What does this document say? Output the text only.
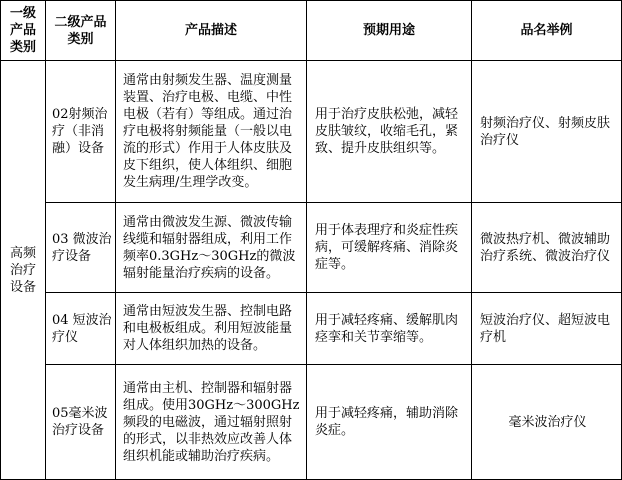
一级产品类别	二级产品类别	产品描述	预期用途	品名举例
高频治疗设备	02射频治疗（非消融）设备	通常由射频发生器、温度测量装置、治疗电极、电缆、中性电极（若有）等组成。通过治疗电极将射频能量（一般以电流的形式）作用于人体皮肤及皮下组织，使人体组织、细胞发生病理/生理学改变。	用于治疗皮肤松弛，减轻皮肤皱纹，收缩毛孔，紧致、提升皮肤组织等。	射频治疗仪、射频皮肤治疗仪
	03 微波治疗设备	通常由微波发生源、微波传输线缆和辐射器组成，利用工作频率0.3GHz～30GHz的微波辐射能量治疗疾病的设备。	用于体表理疗和炎症性疾病，可缓解疼痛、消除炎症等。	微波热疗机、微波辅助治疗系统、微波治疗仪
	04 短波治疗仪	通常由短波发生器、控制电路和电极板组成。利用短波能量对人体组织加热的设备。	用于减轻疼痛、缓解肌肉痉挛和关节挛缩等。	短波治疗仪、超短波电疗机
	05毫米波治疗设备	通常由主机、控制器和辐射器组成。使用30GHz～300GHz频段的电磁波，通过辐射照射的形式，以非热效应改善人体组织机能或辅助治疗疾病。	用于减轻疼痛，辅助消除炎症。	毫米波治疗仪
